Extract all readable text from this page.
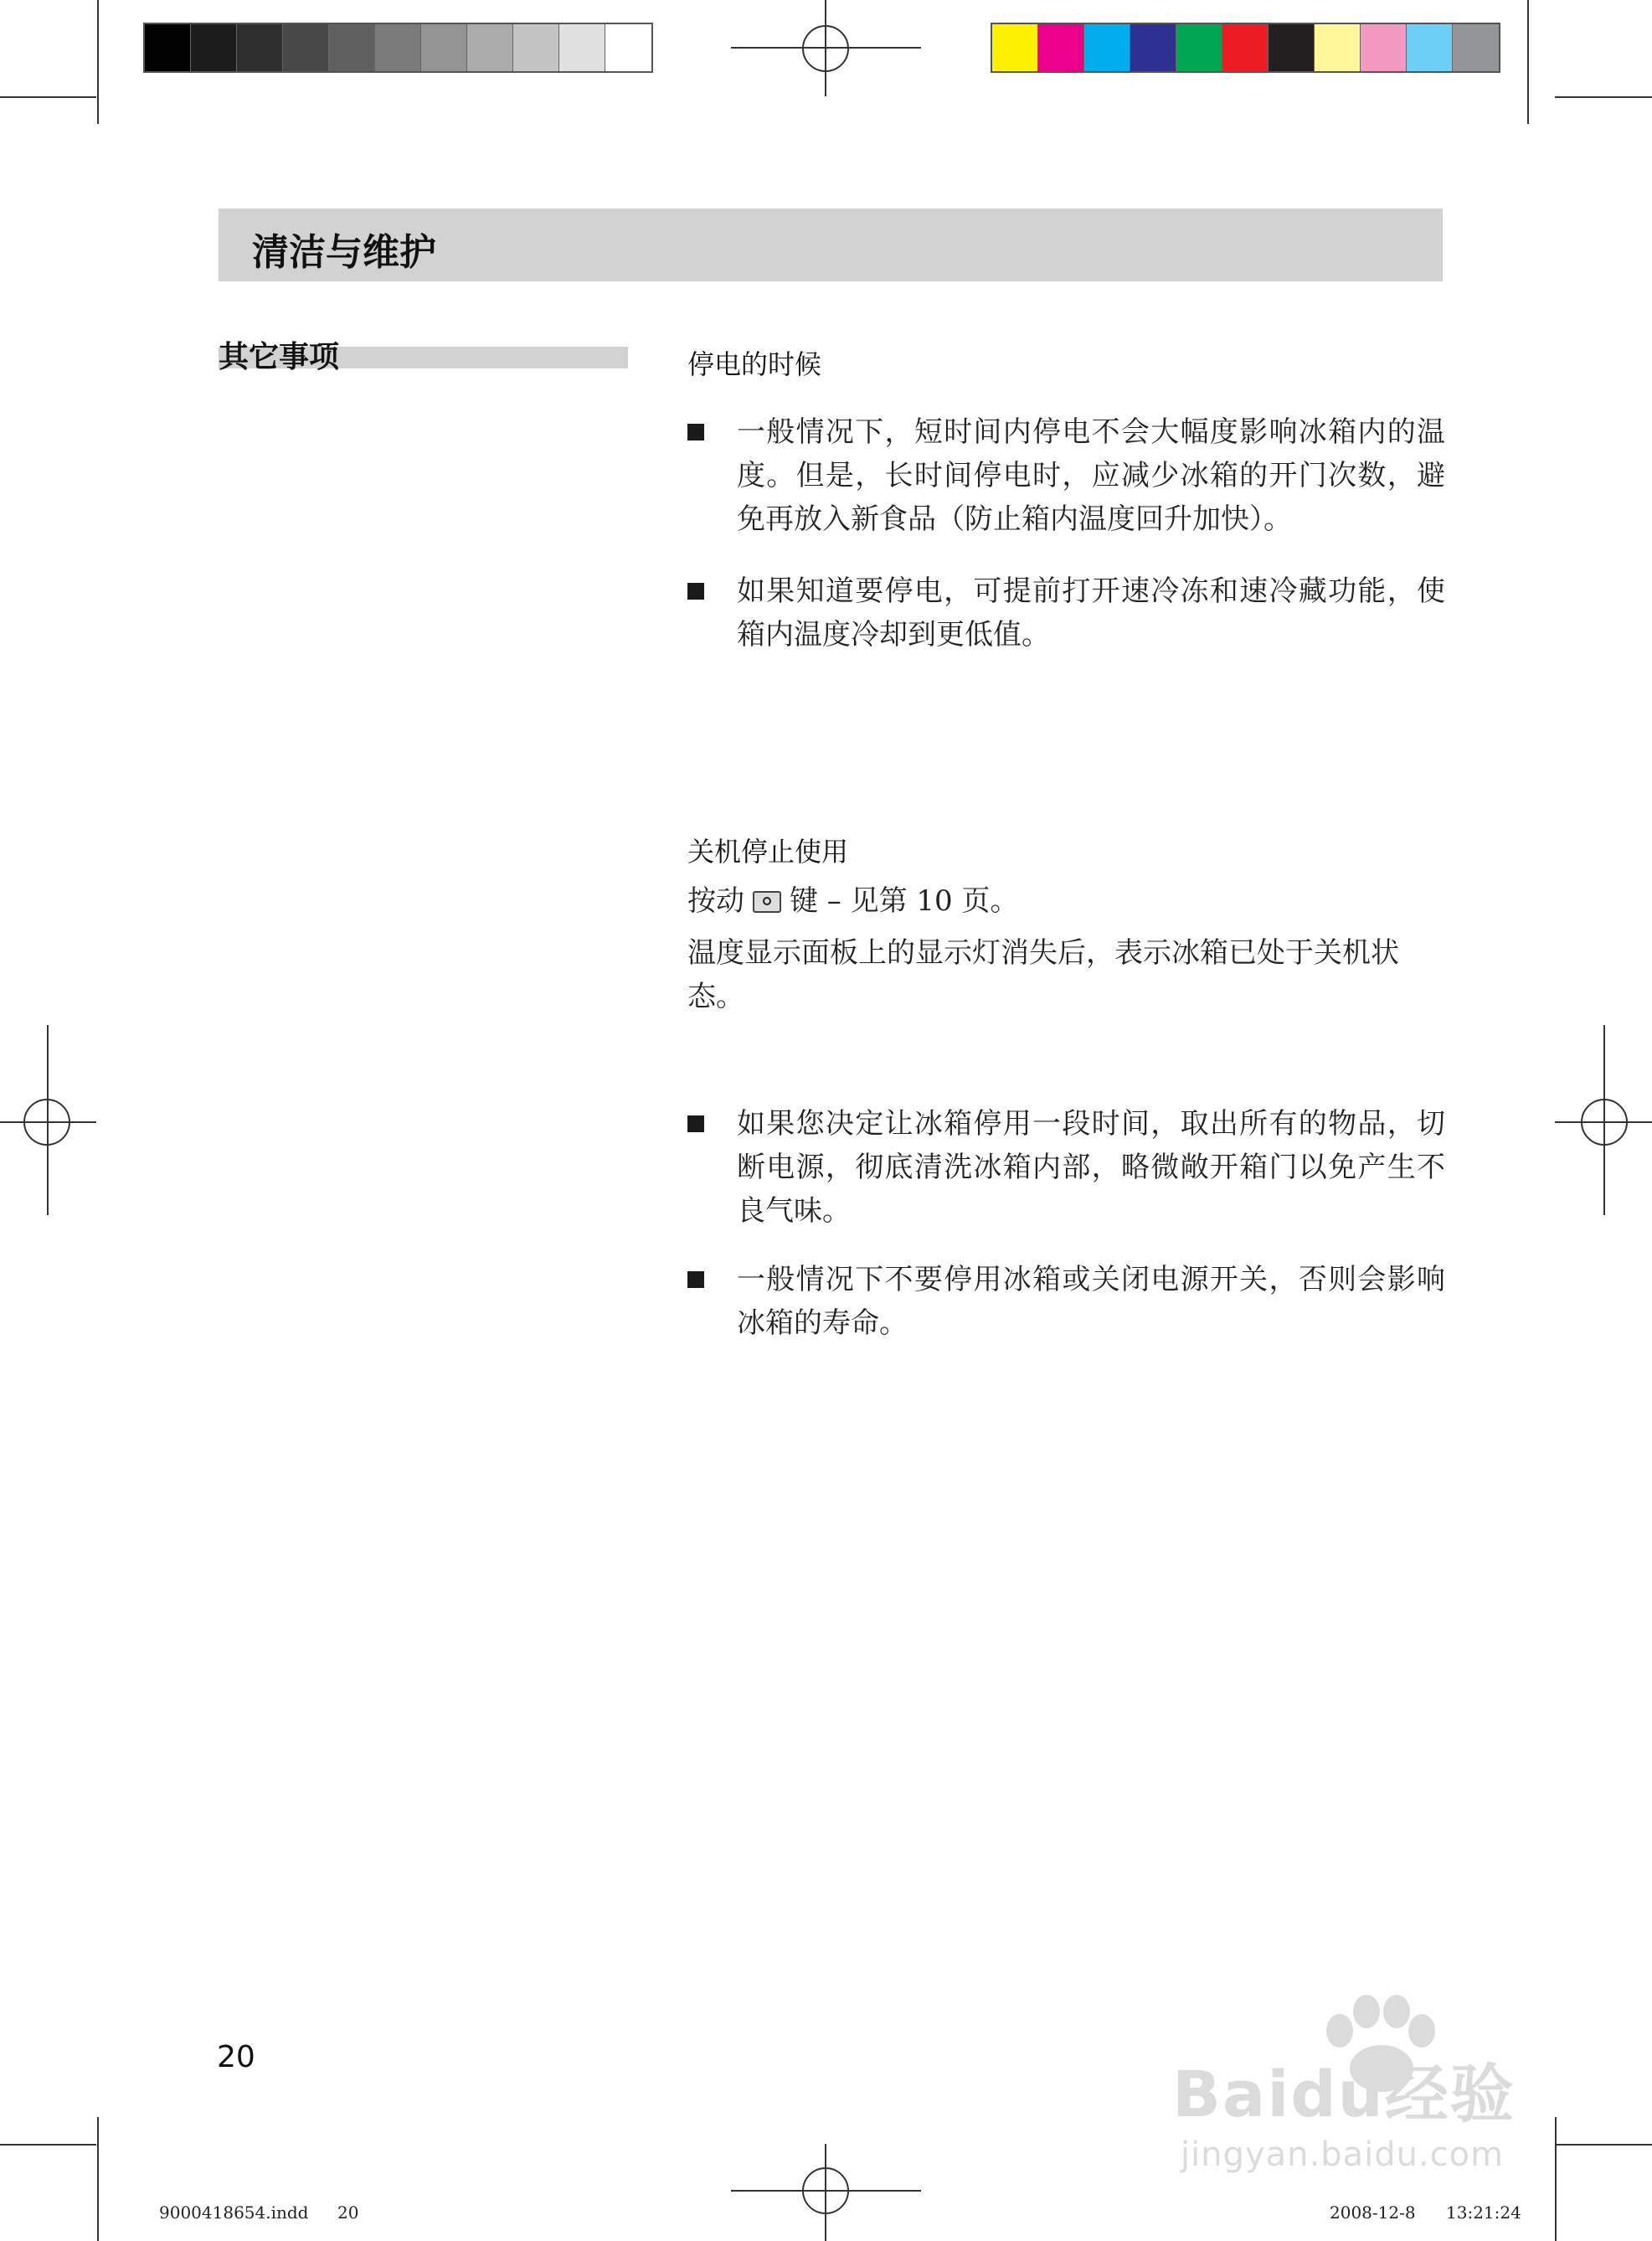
清洁与维护
其它事项	停电的时候
一般情况下，短时间内停电不会大幅度影响冰箱内的温度。但是，长时间停电时，应减少冰箱的开门次数，避免再放入新食品（防止箱内温度回升加快）。
如果知道要停电，可提前打开速冷冻和速冷藏功能，使箱内温度冷却到更低值。
关机停止使用
按动 键 – 见第 10 页。
温度显示面板上的显示灯消失后，表示冰箱已处于关机状态。
如果您决定让冰箱停用一段时间，取出所有的物品，切断电源，彻底清洗冰箱内部，略微敞开箱门以免产生不良气味。
一般情况下不要停用冰箱或关闭电源开关，否则会影响冰箱的寿命。
20	Baidu经验
jingyan.baidu.com
9000418654.indd 20	2008-12-8 13:21:24
